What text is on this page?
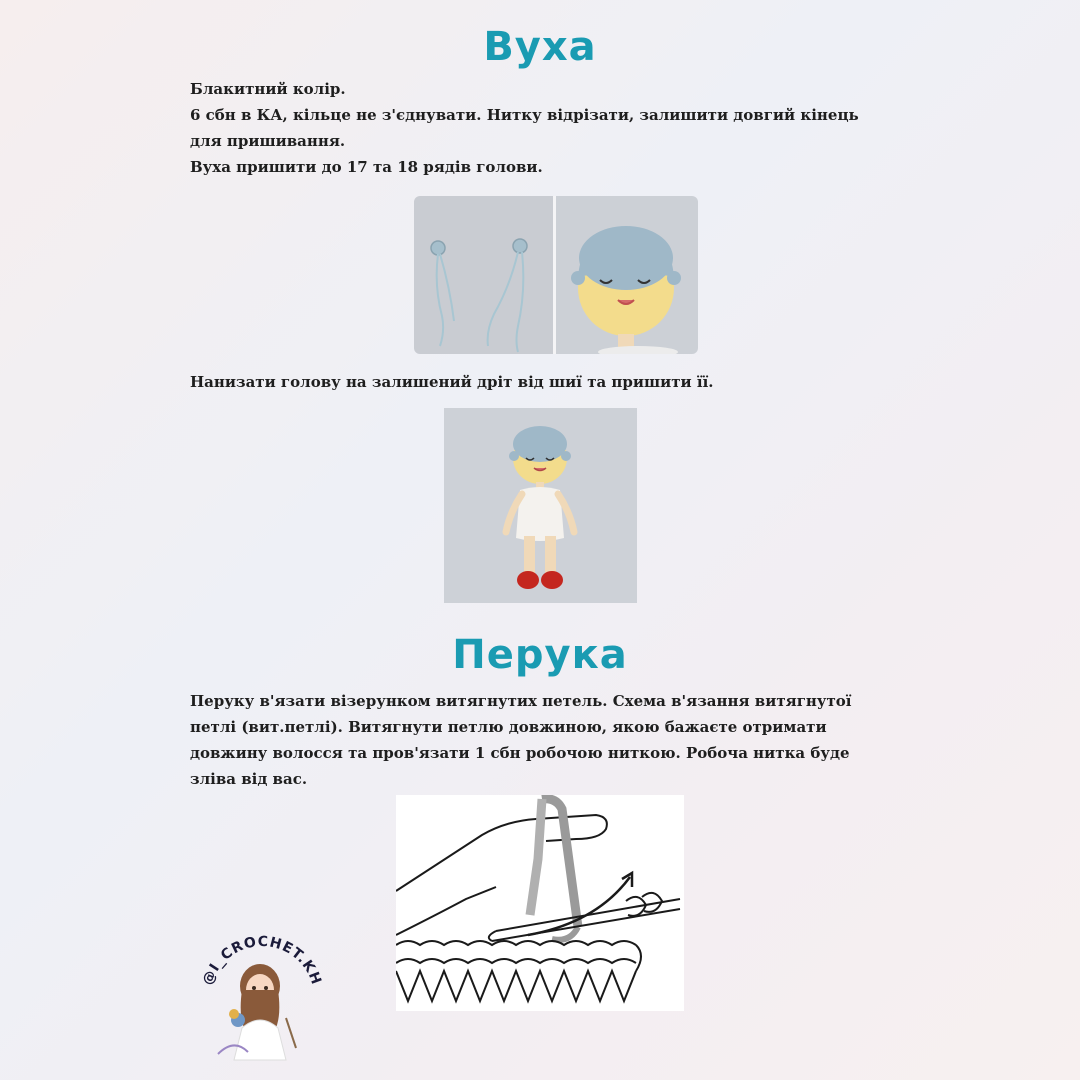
Вуха

Блакитний колір.

6 сбн в КА, кільце не з'єднувати. Нитку відрізати, залишити довгий кінець для пришивання.

Вуха пришити до 17 та 18 рядів голови.

Нанизати голову на залишений дріт від шиї та пришити її.
Перука
Перуку в'язати візерунком витягнутих петель. Схема в'язання витягнутої петлі (вит.петлі). Витягнути петлю довжиною, якою бажаєте отримати довжину волосся та пров'язати 1 сбн робочою ниткою. Робоча нитка буде зліва від вас.
@I_CROCHET.KH
